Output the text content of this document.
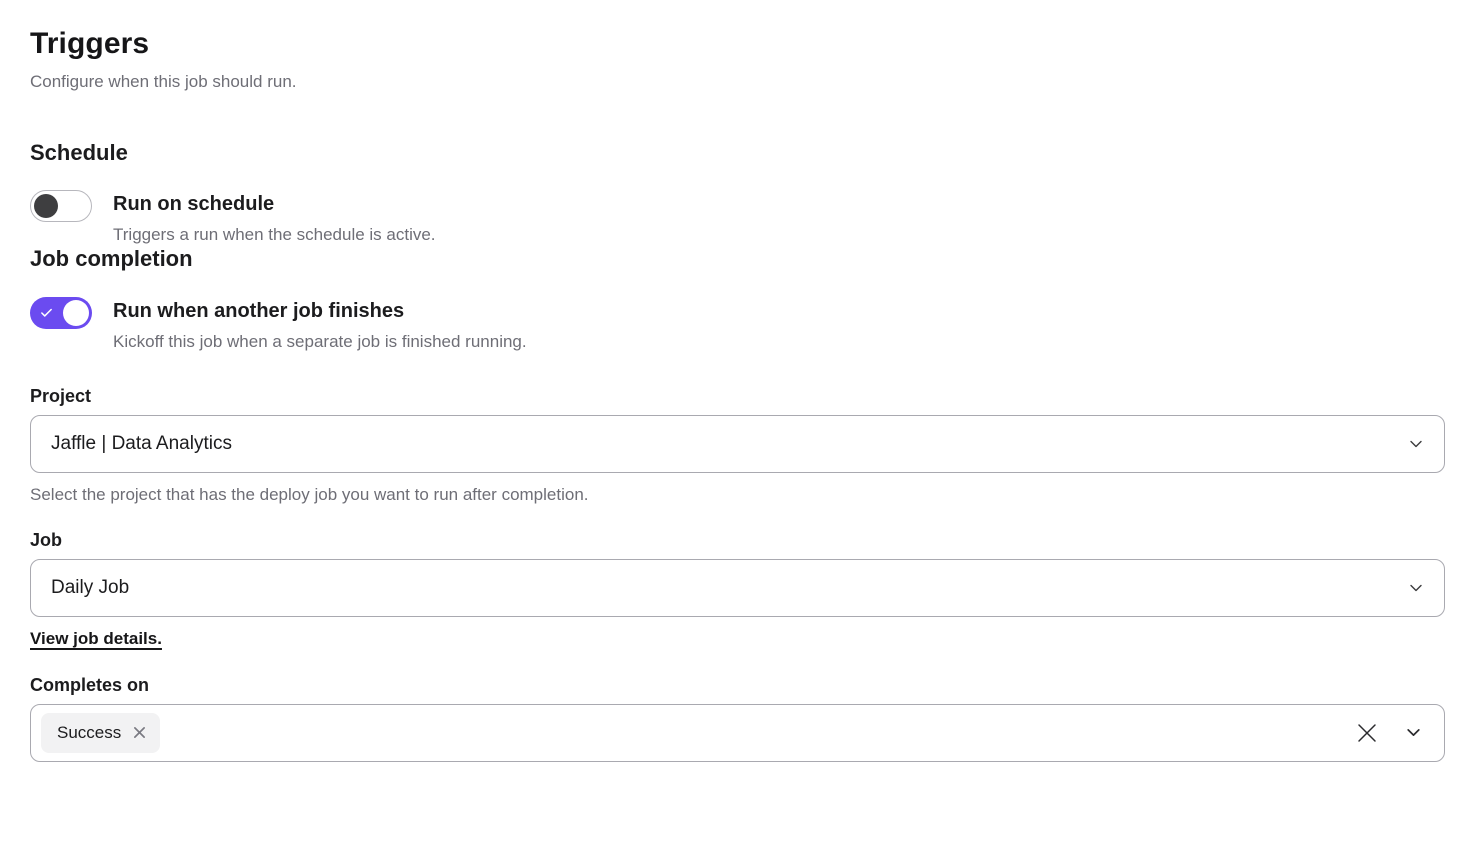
Triggers

Configure when this job should run.

Schedule
Run on schedule
Triggers a run when the schedule is active.
Job completion
Run when another job finishes
Kickoff this job when a separate job is finished running.
Project
Jaffle | Data Analytics
Select the project that has the deploy job you want to run after completion.
Job
Daily Job
View job details.
Completes on
Success
